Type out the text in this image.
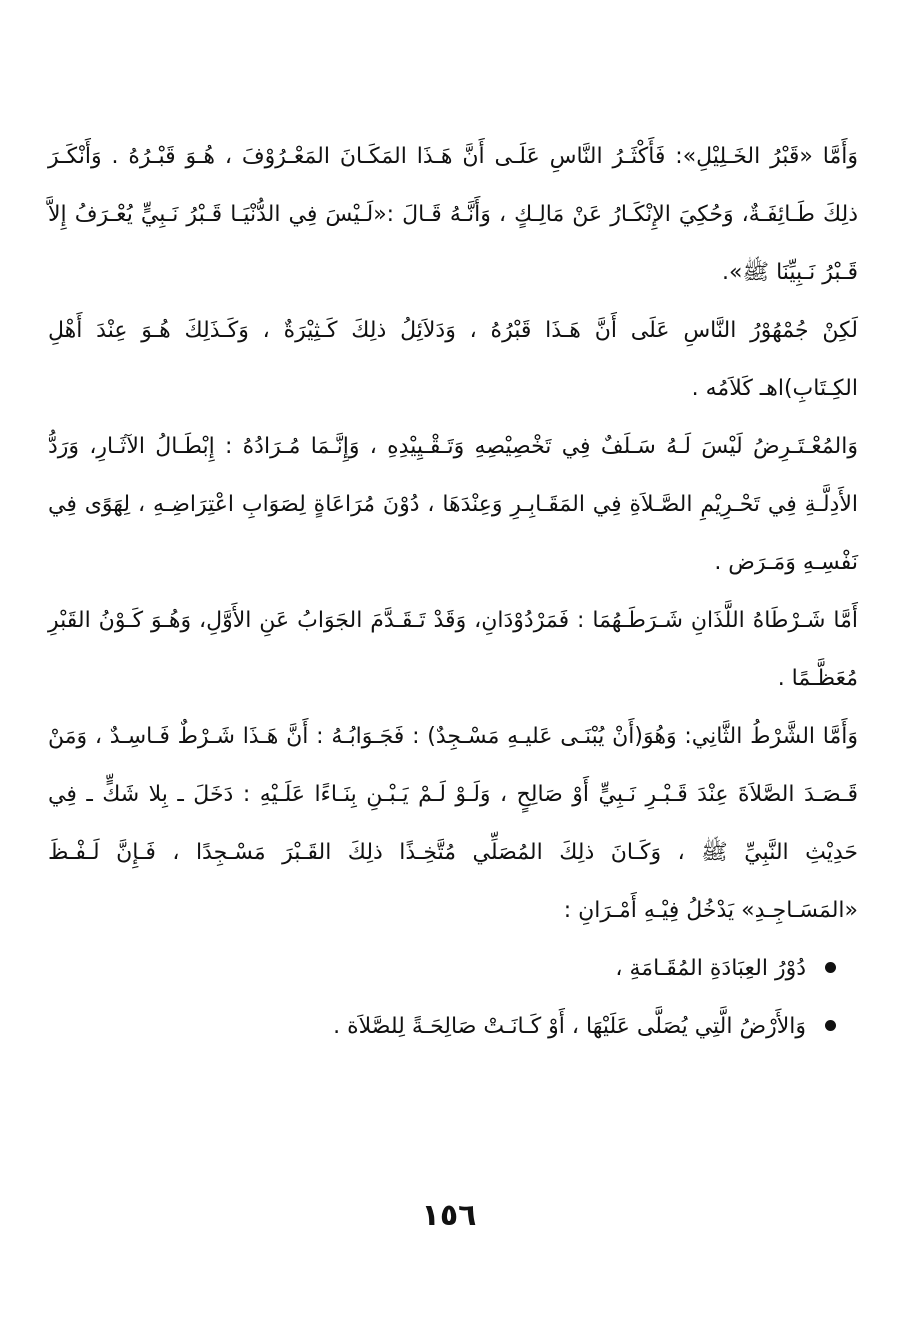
وَأَمَّا «قَبْرُ الخَـلِيْلِ»: فَأَكْثَـرُ النَّاسِ عَلَـى أَنَّ هَـذَا المَكَـانَ المَعْـرُوْفَ ، هُـوَ قَبْـرُهُ . وَأَنْكَـرَ ذلِكَ طَـائِفَـةٌ، وَحُكِيَ الإِنْكَـارُ عَنْ مَالِـكٍ ، وَأَنَّـهُ قَـالَ :«لَـيْسَ فِي الدُّنْيَـا قَـبْرُ نَـبِيٍّ يُعْـرَفُ إِلاَّ قَـبْرُ نَـبِيِّنَا ﷺ».

لَكِنْ جُمْهُوْرُ النَّاسِ عَلَى أَنَّ هَـذَا قَبْرُهُ ، وَدَلاَئِلُ ذلِكَ كَـثِيْرَةٌ ، وَكَـذَلِكَ هُـوَ عِنْدَ أَهْلِ الكِـتَابِ)اهـ كَلاَمُه .

وَالمُعْـتَـرِضُ لَيْسَ لَـهُ سَـلَفٌ فِي تَخْصِيْصِهِ وَتَـقْـيِيْدِهِ ، وَإِنَّـمَا مُـرَادُهُ : إِبْطَـالُ الآثَـارِ، وَرَدُّ الأَدِلَّـةِ فِي تَحْـرِيْمِ الصَّـلاَةِ فِي المَقَـابِـرِ وَعِنْدَهَا ، دُوْنَ مُرَاعَاةٍ لِصَوَابِ اعْتِرَاضِـهِ ، لِهَوًى فِي نَفْسِـهِ وَمَـرَض .

أَمَّا شَـرْطَاهُ اللَّذَانِ شَـرَطَـهُمَا : فَمَرْدُوْدَانِ، وَقَدْ تَـقَـدَّمَ الجَوَابُ عَنِ الأَوَّلِ، وَهُـوَ كَـوْنُ القَبْرِ مُعَظَّـمًا .

وَأَمَّا الشَّرْطُ الثَّانِي: وَهُوَ(أَنْ يُبْنَـى عَليـهِ مَسْـجِدٌ) : فَجَـوَابُـهُ : أَنَّ هَـذَا شَـرْطٌ فَـاسِـدٌ ، وَمَنْ قَـصَـدَ الصَّلاَةَ عِنْدَ قَـبْـرِ نَـبِيٍّ أَوْ صَالِحٍ ، وَلَـوْ لَـمْ يَـبْـنِ بِنَـاءًا عَلَـيْهِ : دَخَلَ ـ بِلا شَكٍّ ـ فِي حَدِيْثِ النَّبِيِّ ﷺ ، وَكَـانَ ذلِكَ المُصَلِّي مُتَّخِـذًا ذلِكَ القَـبْرَ مَسْـجِدًا ، فَـإِنَّ لَـفْـظَ «المَسَـاجِـدِ» يَدْخُلُ فِيْـهِ أَمْـرَانِ :

دُوْرُ العِبَادَةِ المُقَـامَةِ ،
وَالأَرْضُ الَّتِي يُصَلَّى عَلَيْهَا ، أَوْ كَـانَـتْ صَالِحَـةً لِلصَّلاَة .
١٥٦
